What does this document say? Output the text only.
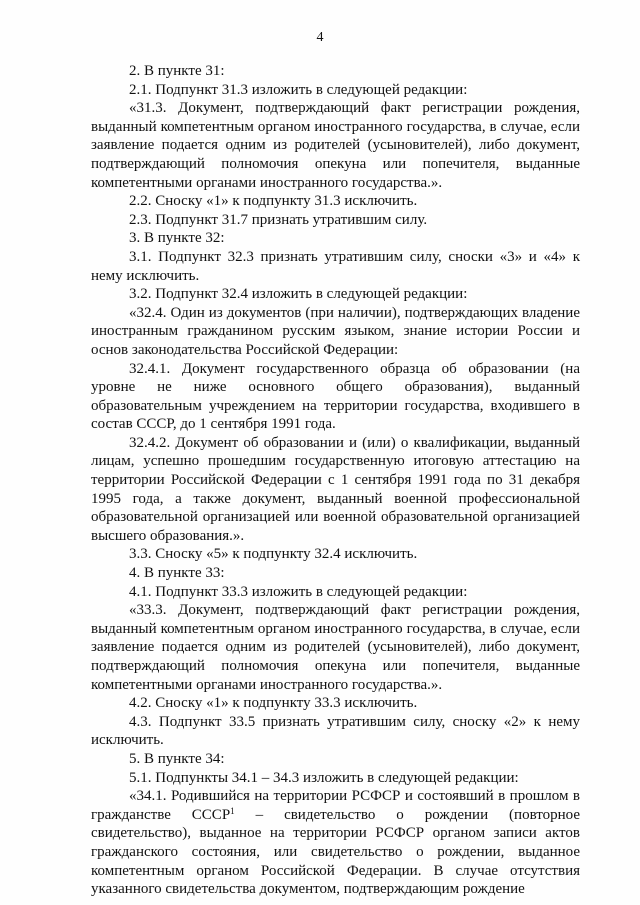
4

2. В пункте 31:

2.1. Подпункт 31.3 изложить в следующей редакции:

«31.3. Документ, подтверждающий факт регистрации рождения, выданный компетентным органом иностранного государства, в случае, если заявление подается одним из родителей (усыновителей), либо документ, подтверждающий полномочия опекуна или попечителя, выданные компетентными органами иностранного государства.».

2.2. Сноску «1» к подпункту 31.3 исключить.

2.3. Подпункт 31.7 признать утратившим силу.

3. В пункте 32:

3.1. Подпункт 32.3 признать утратившим силу, сноски «3» и «4» к нему исключить.

3.2. Подпункт 32.4 изложить в следующей редакции:

«32.4. Один из документов (при наличии), подтверждающих владение иностранным гражданином русским языком, знание истории России и основ законодательства Российской Федерации:

32.4.1. Документ государственного образца об образовании (на уровне не ниже основного общего образования), выданный образовательным учреждением на территории государства, входившего в состав СССР, до 1 сентября 1991 года.

32.4.2. Документ об образовании и (или) о квалификации, выданный лицам, успешно прошедшим государственную итоговую аттестацию на территории Российской Федерации с 1 сентября 1991 года по 31 декабря 1995 года, а также документ, выданный военной профессиональной образовательной организацией или военной образовательной организацией высшего образования.».

3.3. Сноску «5» к подпункту 32.4 исключить.

4. В пункте 33:

4.1. Подпункт 33.3 изложить в следующей редакции:

«33.3. Документ, подтверждающий факт регистрации рождения, выданный компетентным органом иностранного государства, в случае, если заявление подается одним из родителей (усыновителей), либо документ, подтверждающий полномочия опекуна или попечителя, выданные компетентными органами иностранного государства.».

4.2. Сноску «1» к подпункту 33.3 исключить.

4.3. Подпункт 33.5 признать утратившим силу, сноску «2» к нему исключить.

5. В пункте 34:

5.1. Подпункты 34.1 – 34.3 изложить в следующей редакции:

«34.1. Родившийся на территории РСФСР и состоявший в прошлом в гражданстве СССР$^1$ – свидетельство о рождении (повторное свидетельство), выданное на территории РСФСР органом записи актов гражданского состояния, или свидетельство о рождении, выданное компетентным органом Российской Федерации. В случае отсутствия указанного свидетельства документом, подтверждающим рождение
